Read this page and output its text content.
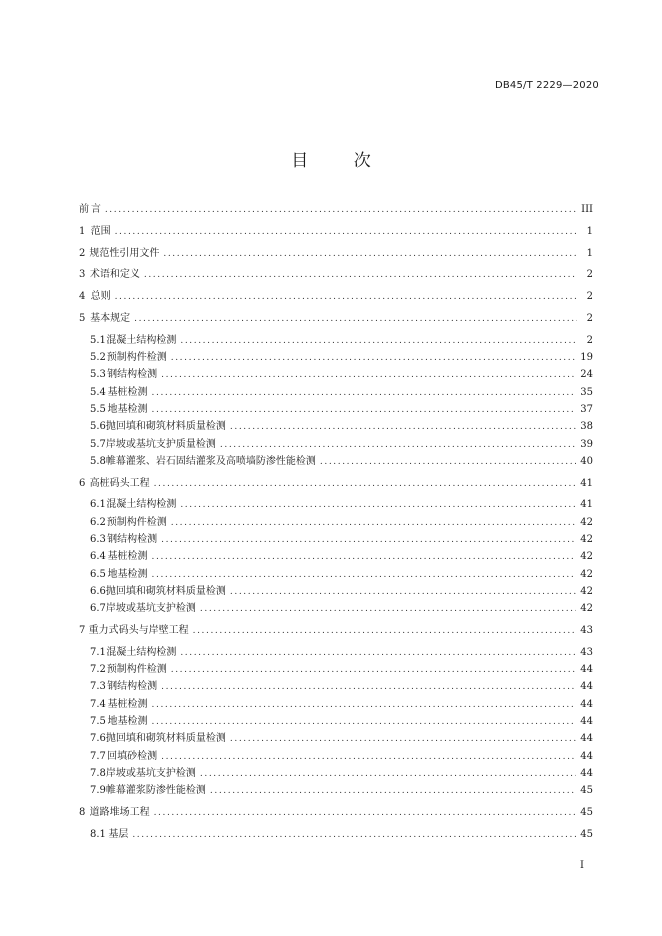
DB45/T 2229—2020
目 次
前 言 .....	III
1 范围 .....	1
2 规范性引用文件 .....	1
3 术语和定义 .....	2
4 总则 .....	2
5 基本规定 .....	2
5.1 混凝土结构检测 .....	2
5.2 预制构件检测 .....	19
5.3 钢结构检测 .....	24
5.4 基桩检测 .....	35
5.5 地基检测 .....	37
5.6 抛回填和砌筑材料质量检测 .....	38
5.7 岸坡或基坑支护质量检测 .....	39
5.8 帷幕灌浆、岩石固结灌浆及高喷墙防渗性能检测 .....	40
6 高桩码头工程 .....	41
6.1 混凝土结构检测 .....	41
6.2 预制构件检测 .....	42
6.3 钢结构检测 .....	42
6.4 基桩检测 .....	42
6.5 地基检测 .....	42
6.6 抛回填和砌筑材料质量检测 .....	42
6.7 岸坡或基坑支护检测 .....	42
7 重力式码头与岸壁工程 .....	43
7.1 混凝土结构检测 .....	43
7.2 预制构件检测 .....	44
7.3 钢结构检测 .....	44
7.4 基桩检测 .....	44
7.5 地基检测 .....	44
7.6 抛回填和砌筑材料质量检测 .....	44
7.7 回填砂检测 .....	44
7.8 岸坡或基坑支护检测 .....	44
7.9 帷幕灌浆防渗性能检测 .....	45
8 道路堆场工程 .....	45
8.1 基层 .....	45
I
